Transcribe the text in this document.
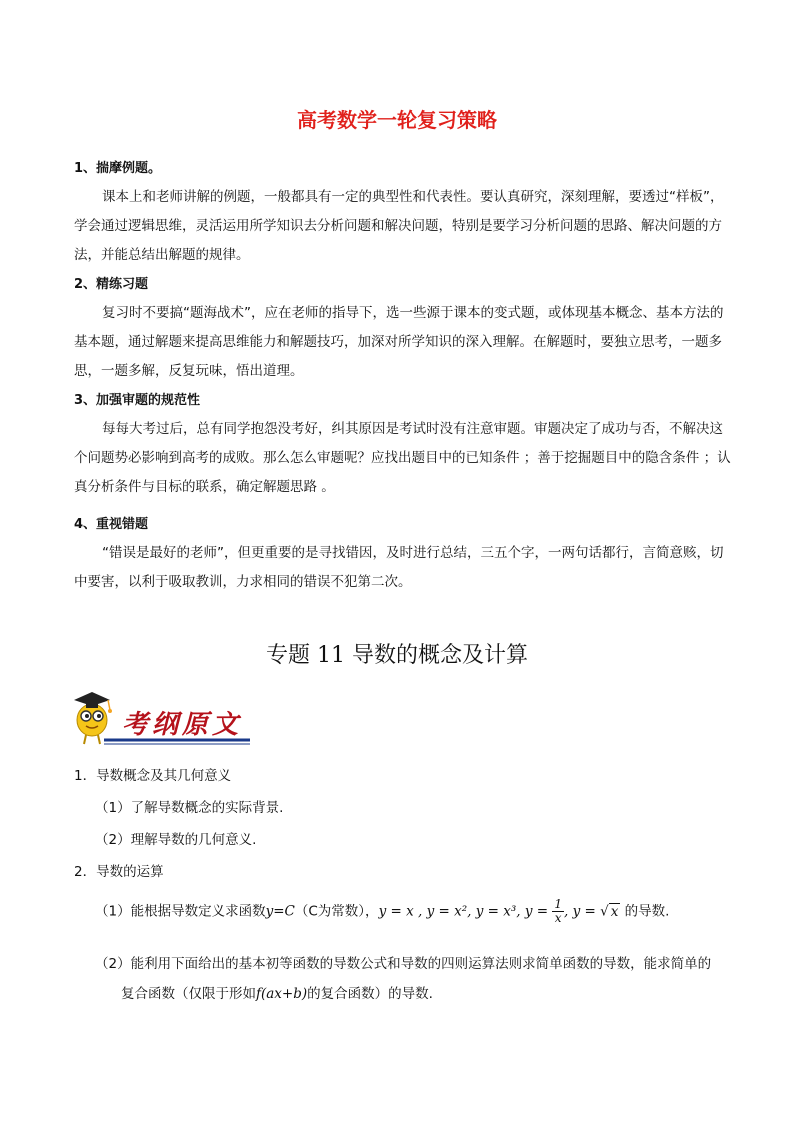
高考数学一轮复习策略
1、揣摩例题。
课本上和老师讲解的例题，一般都具有一定的典型性和代表性。要认真研究，深刻理解，要透过“样板”，学会通过逻辑思维，灵活运用所学知识去分析问题和解决问题，特别是要学习分析问题的思路、解决问题的方法，并能总结出解题的规律。
2、精练习题
复习时不要搞“题海战术”，应在老师的指导下，选一些源于课本的变式题，或体现基本概念、基本方法的基本题，通过解题来提高思维能力和解题技巧，加深对所学知识的深入理解。在解题时，要独立思考，一题多思，一题多解，反复玩味，悟出道理。
3、加强审题的规范性
每每大考过后，总有同学抱怨没考好，纠其原因是考试时没有注意审题。审题决定了成功与否，不解决这个问题势必影响到高考的成败。那么怎么审题呢？应找出题目中的已知条件 ；善于挖掘题目中的隐含条件 ；认真分析条件与目标的联系，确定解题思路 。
4、重视错题
“错误是最好的老师”，但更重要的是寻找错因，及时进行总结，三五个字，一两句话都行，言简意赅，切中要害，以利于吸取教训，力求相同的错误不犯第二次。
专题 11 导数的概念及计算
考纲原文
1．导数概念及其几何意义
（1）了解导数概念的实际背景.
（2）理解导数的几何意义.
2．导数的运算
（1）能根据导数定义求函数y=C（C为常数），y = x , y = x², y = x³, $y = \frac{1}{x}$ , y = √ x 的导数.
（2）能利用下面给出的基本初等函数的导数公式和导数的四则运算法则求简单函数的导数，能求简单的
复合函数（仅限于形如f(ax+b)的复合函数）的导数.
